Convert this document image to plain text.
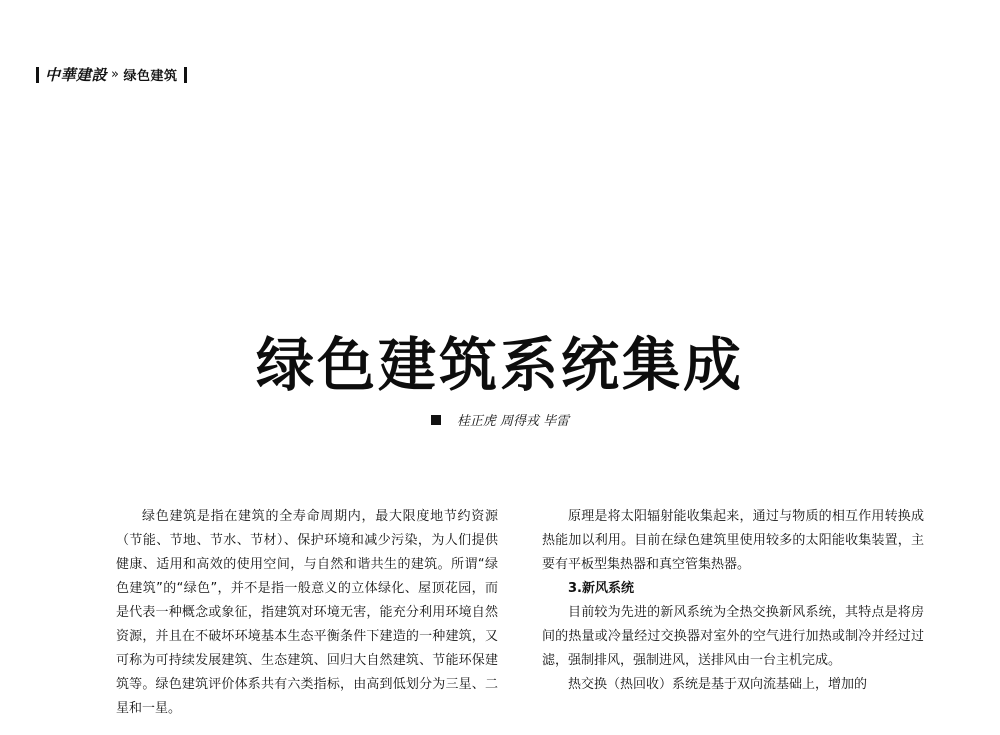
中華建設 » 绿色建筑
绿色建筑系统集成
桂正虎 周得戎 毕雷

绿色建筑是指在建筑的全寿命周期内，最大限度地节约资源（节能、节地、节水、节材）、保护环境和减少污染，为人们提供健康、适用和高效的使用空间，与自然和谐共生的建筑。所谓“绿色建筑”的“绿色”，并不是指一般意义的立体绿化、屋顶花园，而是代表一种概念或象征，指建筑对环境无害，能充分利用环境自然资源，并且在不破坏环境基本生态平衡条件下建造的一种建筑，又可称为可持续发展建筑、生态建筑、回归大自然建筑、节能环保建筑等。绿色建筑评价体系共有六类指标，由高到低划分为三星、二星和一星。

原理是将太阳辐射能收集起来，通过与物质的相互作用转换成热能加以利用。目前在绿色建筑里使用较多的太阳能收集装置，主要有平板型集热器和真空管集热器。

3.新风系统

目前较为先进的新风系统为全热交换新风系统，其特点是将房间的热量或冷量经过交换器对室外的空气进行加热或制冷并经过过滤，强制排风，强制进风，送排风由一台主机完成。

热交换（热回收）系统是基于双向流基础上，增加的
